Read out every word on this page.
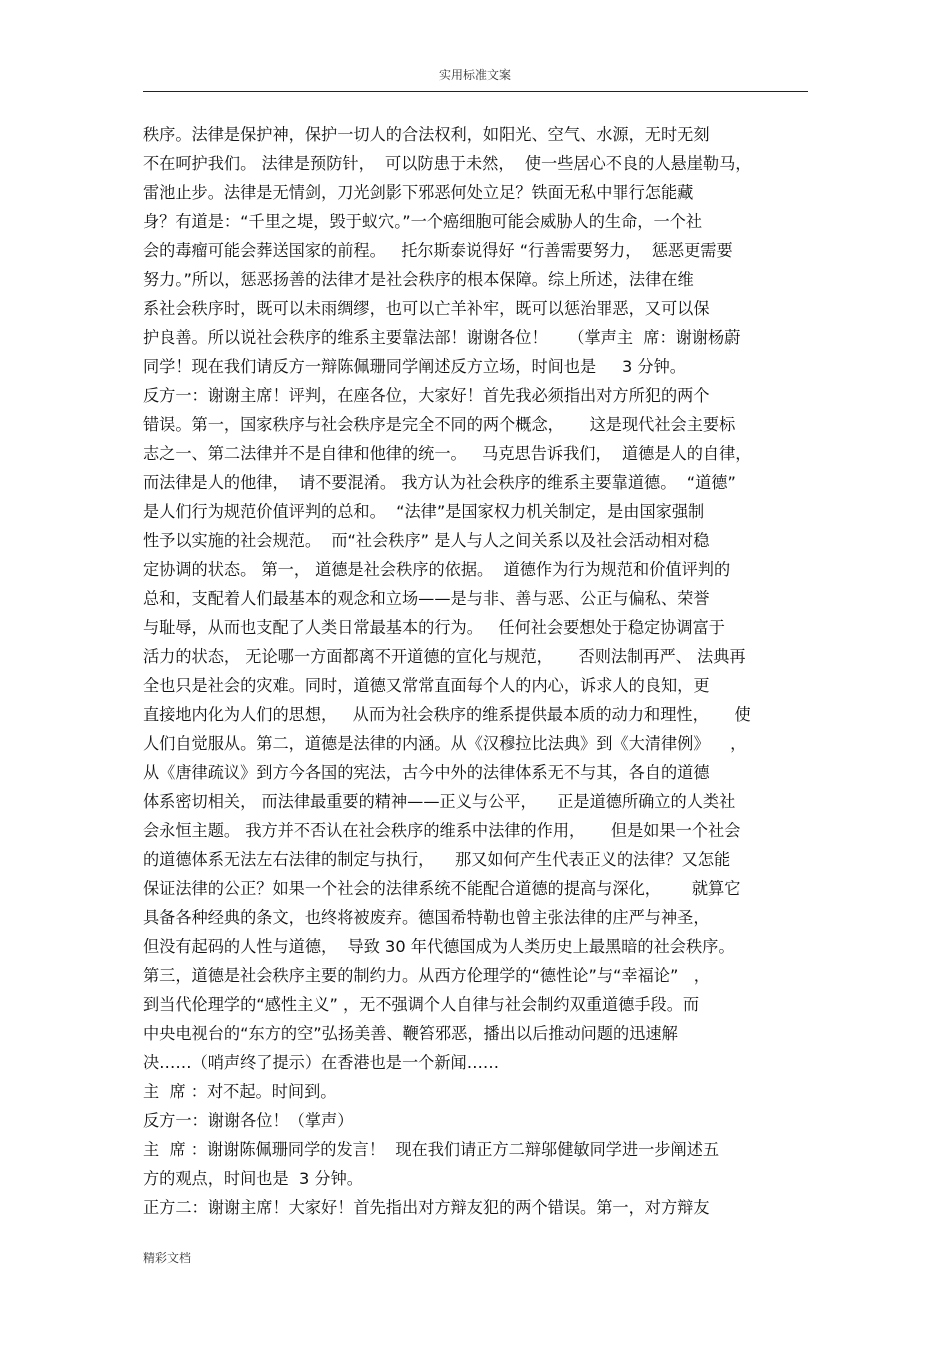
实用标准文案
秩序。法律是保护神，保护一切人的合法权利，如阳光、空气、水源，无时无刻
不在呵护我们。 法律是预防针，  可以防患于未然，  使一些居心不良的人悬崖勒马，
雷池止步。法律是无情剑，刀光剑影下邪恶何处立足？铁面无私中罪行怎能藏
身？有道是：“千里之堤，毁于蚁穴。”一个癌细胞可能会威胁人的生命，一个社
会的毒瘤可能会葬送国家的前程。   托尔斯泰说得好 “行善需要努力，  惩恶更需要
努力。”所以，惩恶扬善的法律才是社会秩序的根本保障。综上所述，法律在维
系社会秩序时，既可以未雨绸缪，也可以亡羊补牢，既可以惩治罪恶，又可以保
护良善。所以说社会秩序的维系主要靠法部！谢谢各位！    （掌声主  席：谢谢杨蔚
同学！现在我们请反方一辩陈佩珊同学阐述反方立场，时间也是     3 分钟。
反方一：谢谢主席！评判，在座各位，大家好！首先我必须指出对方所犯的两个
错误。第一，国家秩序与社会秩序是完全不同的两个概念，     这是现代社会主要标
志之一、第二法律并不是自律和他律的统一。   马克思告诉我们，  道德是人的自律，
而法律是人的他律，  请不要混淆。 我方认为社会秩序的维系主要靠道德。  “道德”
是人们行为规范价值评判的总和。  “法律”是国家权力机关制定，是由国家强制
性予以实施的社会规范。  而“社会秩序” 是人与人之间关系以及社会活动相对稳
定协调的状态。 第一， 道德是社会秩序的依据。  道德作为行为规范和价值评判的
总和，支配着人们最基本的观念和立场——是与非、善与恶、公正与偏私、荣誉
与耻辱，从而也支配了人类日常最基本的行为。   任何社会要想处于稳定协调富于
活力的状态， 无论哪一方面都离不开道德的宣化与规范，     否则法制再严、 法典再
全也只是社会的灾难。同时，道德又常常直面每个人的内心，诉求人的良知，更
直接地内化为人们的思想，   从而为社会秩序的维系提供最本质的动力和理性，     使
人们自觉服从。第二，道德是法律的内涵。从《汉穆拉比法典》到《大清律例》    ，
从《唐律疏议》到方今各国的宪法，古今中外的法律体系无不与其，各自的道德
体系密切相关， 而法律最重要的精神——正义与公平，    正是道德所确立的人类社
会永恒主题。 我方并不否认在社会秩序的维系中法律的作用，     但是如果一个社会
的道德体系无法左右法律的制定与执行，    那又如何产生代表正义的法律？又怎能
保证法律的公正？如果一个社会的法律系统不能配合道德的提高与深化，      就算它
具备各种经典的条文，也终将被废弃。德国希特勒也曾主张法律的庄严与神圣，
但没有起码的人性与道德，  导致 30 年代德国成为人类历史上最黑暗的社会秩序。
第三，道德是社会秩序主要的制约力。从西方伦理学的“德性论”与“幸福论”   ，
到当代伦理学的“感性主义” ，无不强调个人自律与社会制约双重道德手段。而
中央电视台的“东方的空”弘扬美善、鞭笞邪恶，播出以后推动问题的迅速解
决……（哨声终了提示）在香港也是一个新闻……
主  席 ：对不起。时间到。
反方一：谢谢各位！（掌声）
主  席 ：谢谢陈佩珊同学的发言！  现在我们请正方二辩邬健敏同学进一步阐述五
方的观点，时间也是  3 分钟。
正方二：谢谢主席！大家好！首先指出对方辩友犯的两个错误。第一，对方辩友
精彩文档
